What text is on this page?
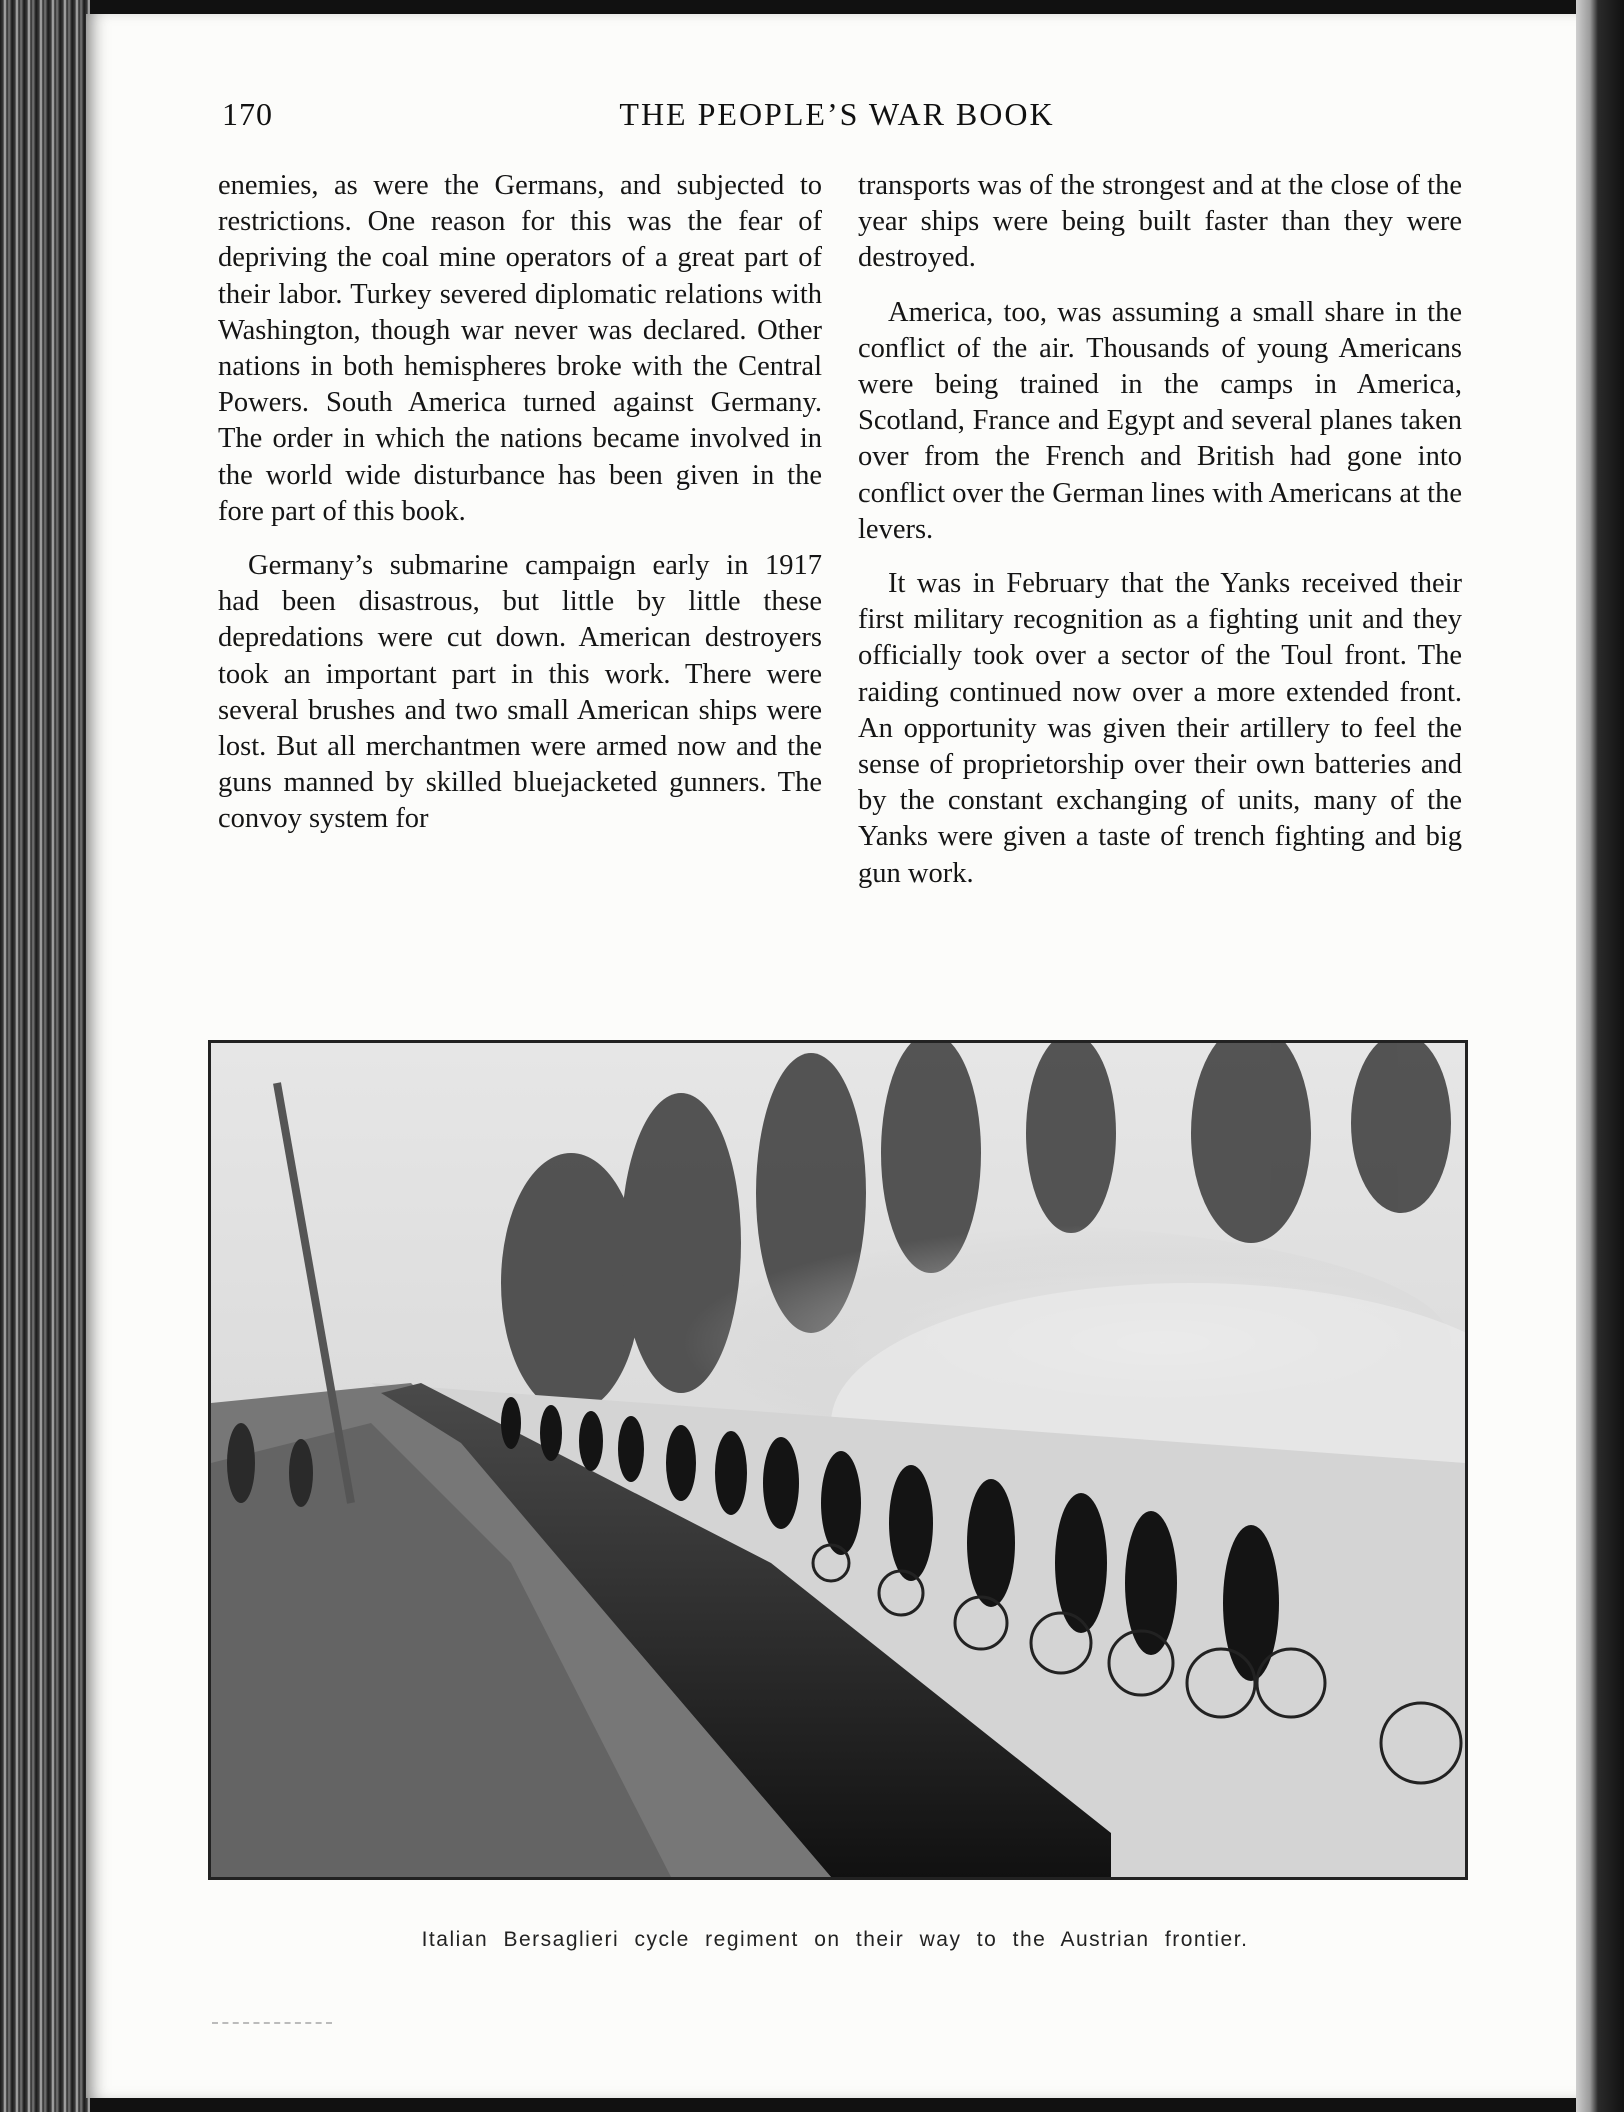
170	THE PEOPLE’S WAR BOOK

enemies, as were the Germans, and subjected to restrictions. One reason for this was the fear of depriving the coal mine operators of a great part of their labor. Turkey severed diplomatic relations with Washington, though war never was declared. Other nations in both hemispheres broke with the Central Powers. South America turned against Germany. The order in which the nations became involved in the world wide disturbance has been given in the fore part of this book.

Germany’s submarine campaign early in 1917 had been disastrous, but little by little these depredations were cut down. American destroyers took an important part in this work. There were several brushes and two small American ships were lost. But all merchantmen were armed now and the guns manned by skilled bluejacketed gunners. The convoy system for

transports was of the strongest and at the close of the year ships were being built faster than they were destroyed.

America, too, was assuming a small share in the conflict of the air. Thousands of young Americans were being trained in the camps in America, Scotland, France and Egypt and several planes taken over from the French and British had gone into conflict over the German lines with Americans at the levers.

It was in February that the Yanks received their first military recognition as a fighting unit and they officially took over a sector of the Toul front. The raiding continued now over a more extended front. An opportunity was given their artillery to feel the sense of proprietorship over their own batteries and by the constant exchanging of units, many of the Yanks were given a taste of trench fighting and big gun work.

Italian Bersaglieri cycle regiment on their way to the Austrian frontier.
